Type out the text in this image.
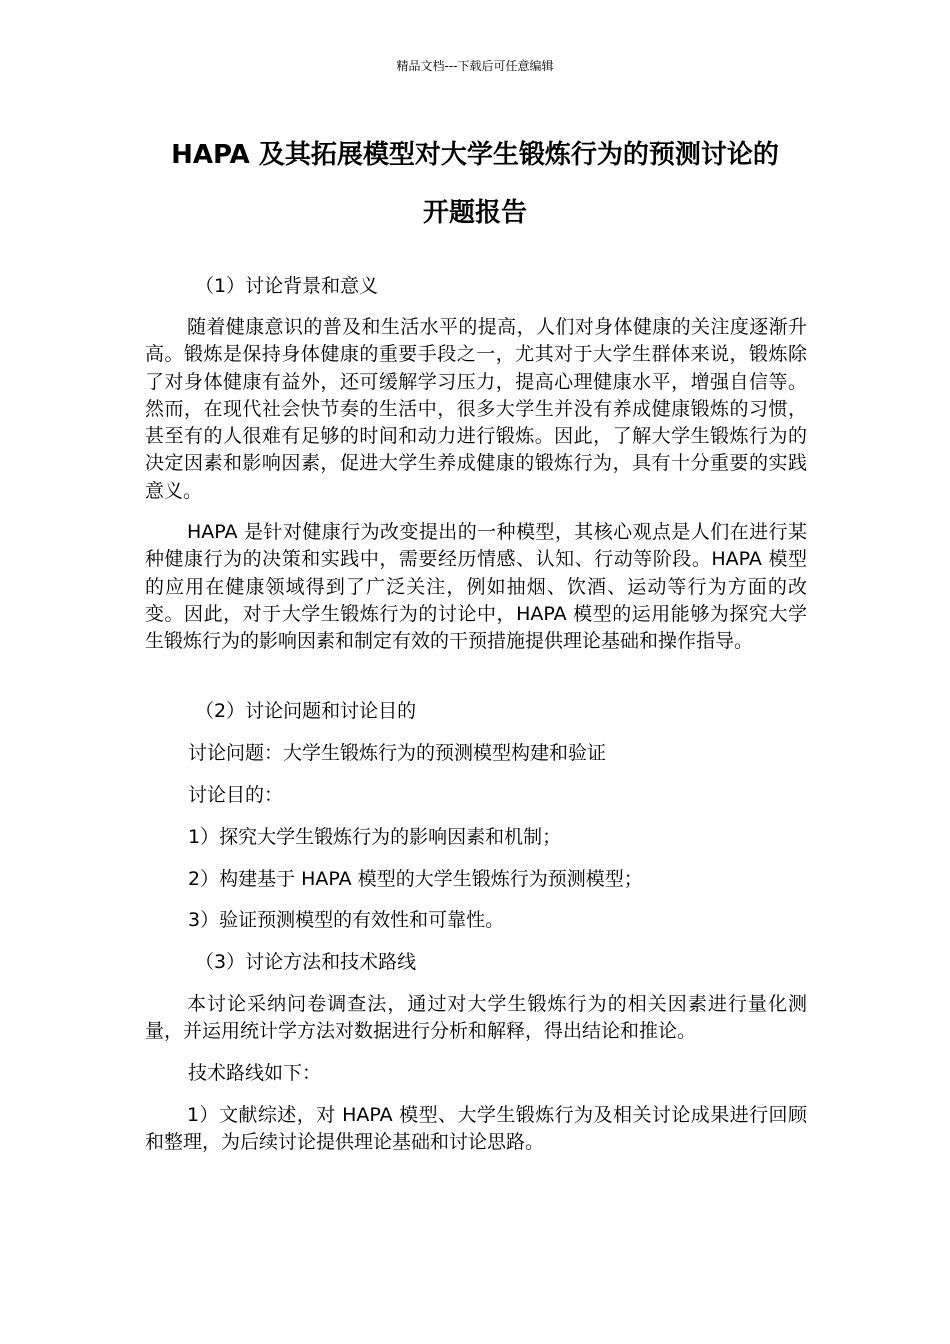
精品文档---下载后可任意编辑
HAPA 及其拓展模型对大学生锻炼行为的预测讨论的
开题报告

（1）讨论背景和意义

随着健康意识的普及和生活水平的提高，人们对身体健康的关注度逐渐升高。锻炼是保持身体健康的重要手段之一，尤其对于大学生群体来说，锻炼除了对身体健康有益外，还可缓解学习压力，提高心理健康水平，增强自信等。然而，在现代社会快节奏的生活中，很多大学生并没有养成健康锻炼的习惯，甚至有的人很难有足够的时间和动力进行锻炼。因此，了解大学生锻炼行为的决定因素和影响因素，促进大学生养成健康的锻炼行为，具有十分重要的实践意义。

HAPA 是针对健康行为改变提出的一种模型，其核心观点是人们在进行某种健康行为的决策和实践中，需要经历情感、认知、行动等阶段。HAPA 模型的应用在健康领域得到了广泛关注，例如抽烟、饮酒、运动等行为方面的改变。因此，对于大学生锻炼行为的讨论中，HAPA 模型的运用能够为探究大学生锻炼行为的影响因素和制定有效的干预措施提供理论基础和操作指导。

（2）讨论问题和讨论目的

讨论问题：大学生锻炼行为的预测模型构建和验证

讨论目的：

1）探究大学生锻炼行为的影响因素和机制；

2）构建基于 HAPA 模型的大学生锻炼行为预测模型；

3）验证预测模型的有效性和可靠性。

（3）讨论方法和技术路线

本讨论采纳问卷调查法，通过对大学生锻炼行为的相关因素进行量化测量，并运用统计学方法对数据进行分析和解释，得出结论和推论。

技术路线如下：

1）文献综述，对 HAPA 模型、大学生锻炼行为及相关讨论成果进行回顾和整理，为后续讨论提供理论基础和讨论思路。
